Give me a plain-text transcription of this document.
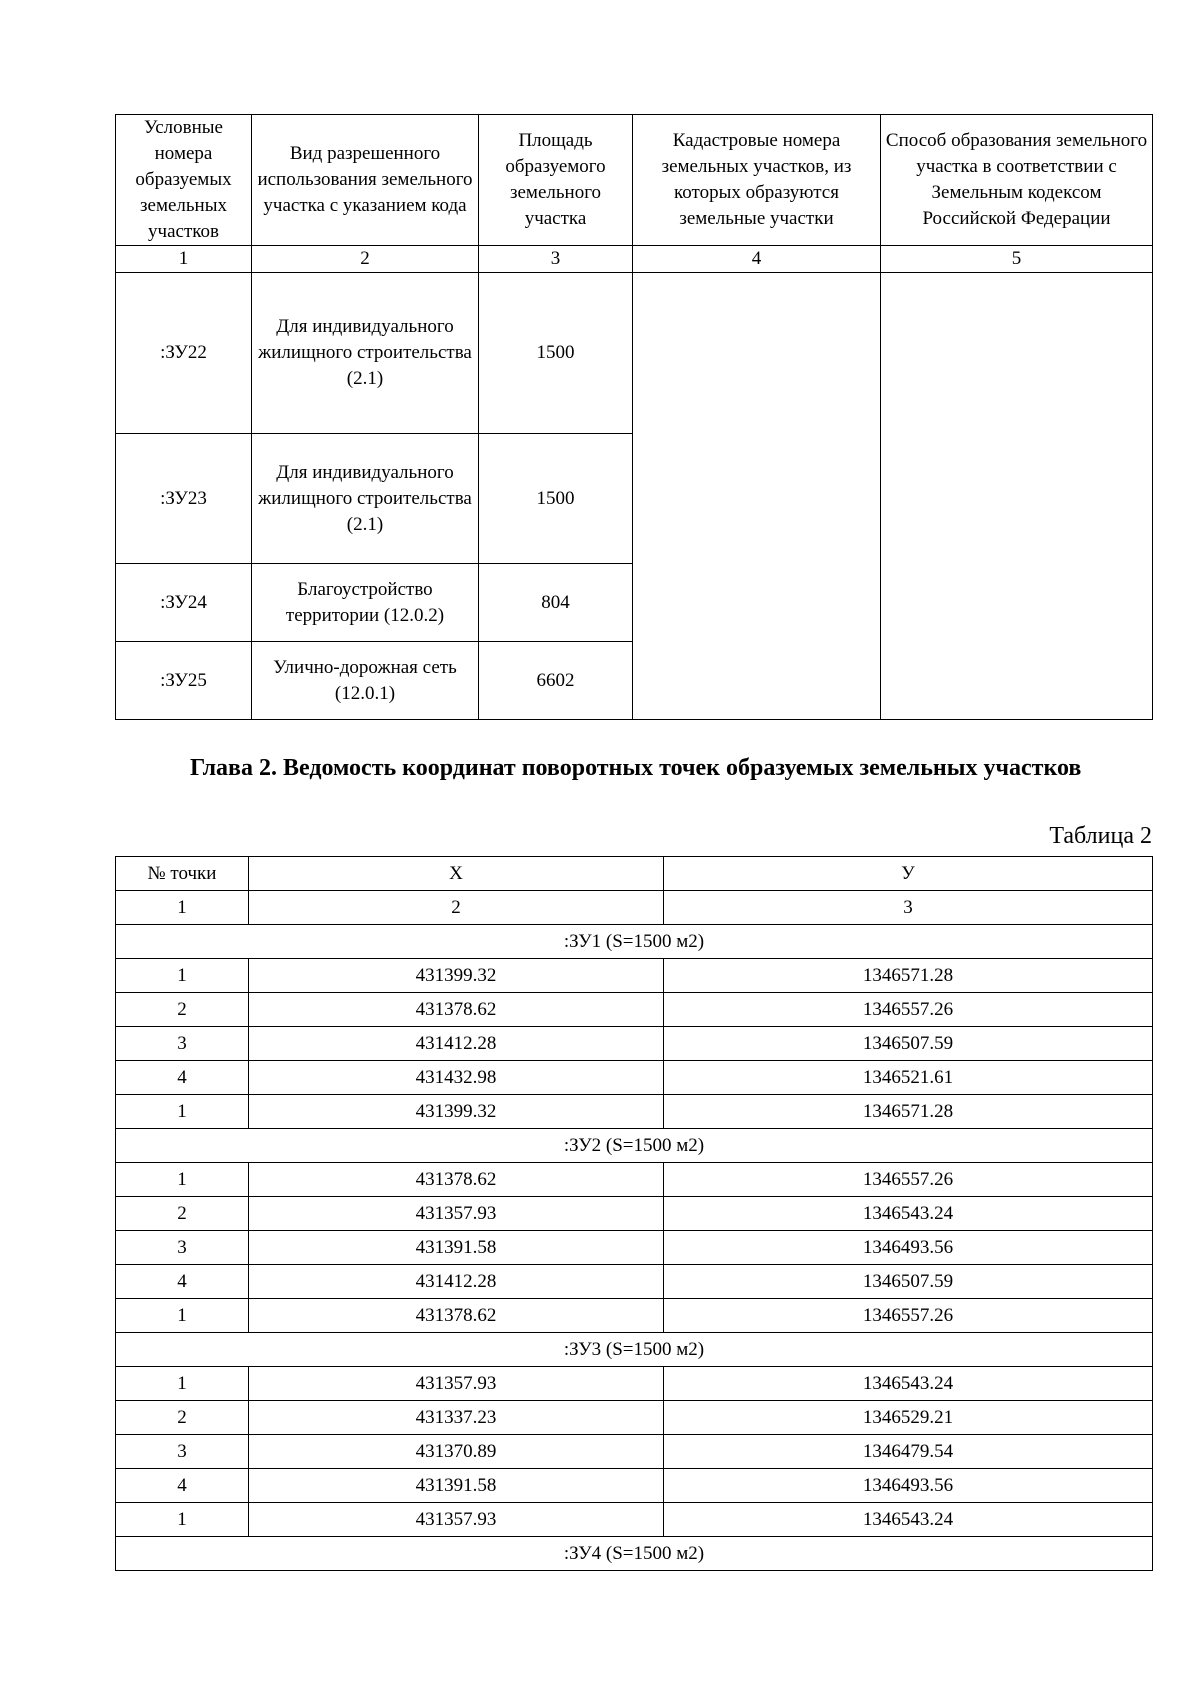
Условные номера образуемых земельных участков	Вид разрешенного использования земельного участка с указанием кода	Площадь образуемого земельного участка	Кадастровые номера земельных участков, из которых образуются земельные участки	Способ образования земельного участка в соответствии с Земельным кодексом Российской Федерации
1	2	3	4	5
:ЗУ22	Для индивидуального жилищного строительства (2.1)	1500		
:ЗУ23	Для индивидуального жилищного строительства (2.1)	1500		
:ЗУ24	Благоустройство территории (12.0.2)	804		
:ЗУ25	Улично-дорожная сеть (12.0.1)	6602		

Глава 2. Ведомость координат поворотных точек образуемых земельных участков

Таблица 2

№ точки	X	У
1	2	3
:ЗУ1 (S=1500 м2)		
1	431399.32	1346571.28
2	431378.62	1346557.26
3	431412.28	1346507.59
4	431432.98	1346521.61
1	431399.32	1346571.28
:ЗУ2 (S=1500 м2)		
1	431378.62	1346557.26
2	431357.93	1346543.24
3	431391.58	1346493.56
4	431412.28	1346507.59
1	431378.62	1346557.26
:ЗУ3 (S=1500 м2)		
1	431357.93	1346543.24
2	431337.23	1346529.21
3	431370.89	1346479.54
4	431391.58	1346493.56
1	431357.93	1346543.24
:ЗУ4 (S=1500 м2)		
